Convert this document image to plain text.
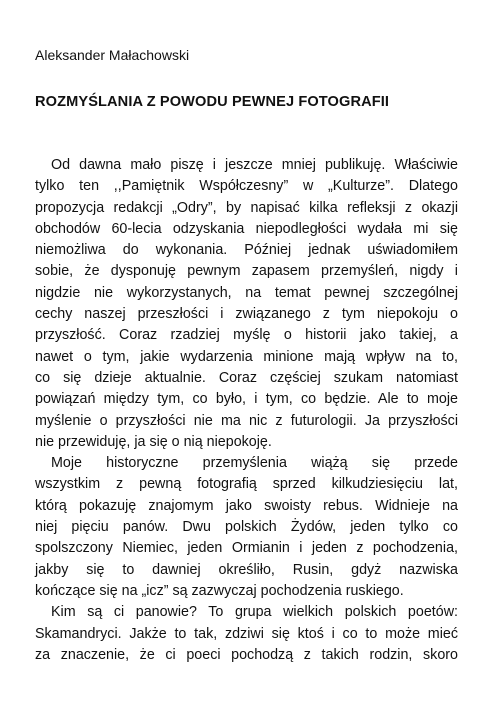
Aleksander Małachowski
ROZMYŚLANIA Z POWODU PEWNEJ FOTOGRAFII
Od dawna mało piszę i jeszcze mniej publikuję. Właściwie
tylko ten ,,Pamiętnik Współczesny” w „Kulturze”. Dlatego
propozycja redakcji „Odry”, by napisać kilka refleksji z okazji
obchodów 60-lecia odzyskania niepodległości wydała mi się
niemożliwa do wykonania. Później jednak uświadomiłem
sobie, że dysponuję pewnym zapasem przemyśleń, nigdy i
nigdzie nie wykorzystanych, na temat pewnej szczególnej
cechy naszej przeszłości i związanego z tym niepokoju o
przyszłość. Coraz rzadziej myślę o historii jako takiej, a
nawet o tym, jakie wydarzenia minione mają wpływ na to,
co się dzieje aktualnie. Coraz częściej szukam natomiast
powiązań między tym, co było, i tym, co będzie. Ale to moje
myślenie o przyszłości nie ma nic z futurologii. Ja przyszłości
nie przewiduję, ja się o nią niepokoję.
Moje historyczne przemyślenia wiążą się przede
wszystkim z pewną fotografią sprzed kilkudziesięciu lat,
którą pokazuję znajomym jako swoisty rebus. Widnieje na
niej pięciu panów. Dwu polskich Żydów, jeden tylko co
spolszczony Niemiec, jeden Ormianin i jeden z pochodzenia,
jakby się to dawniej określiło, Rusin, gdyż nazwiska
kończące się na „icz” są zazwyczaj pochodzenia ruskiego.
Kim są ci panowie? To grupa wielkich polskich poetów:
Skamandryci. Jakże to tak, zdziwi się ktoś i co to może mieć
za znaczenie, że ci poeci pochodzą z takich rodzin, skoro
